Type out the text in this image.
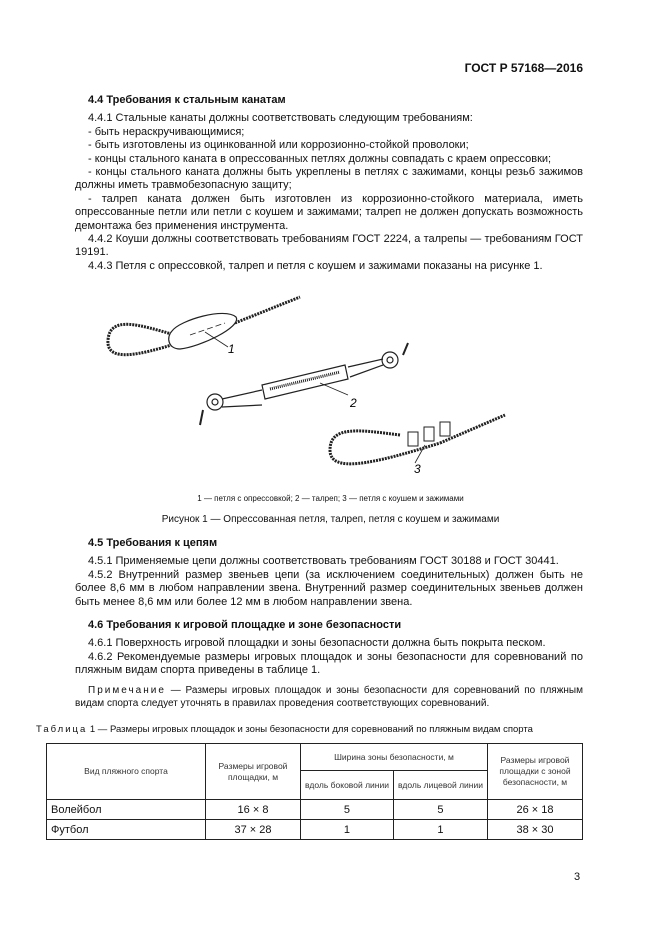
ГОСТ Р 57168—2016
4.4 Требования к стальным канатам

4.4.1 Стальные канаты должны соответствовать следующим требованиям:

- быть нераскручивающимися;

- быть изготовлены из оцинкованной или коррозионно-стойкой проволоки;

- концы стального каната в опрессованных петлях должны совпадать с краем опрессовки;

- концы стального каната должны быть укреплены в петлях с зажимами, концы резьб зажимов должны иметь травмобезопасную защиту;

- талреп каната должен быть изготовлен из коррозионно-стойкого материала, иметь опрессованные петли или петли с коушем и зажимами; талреп не должен допускать возможность демонтажа без применения инструмента.

4.4.2 Коуши должны соответствовать требованиям ГОСТ 2224, а талрепы — требованиям ГОСТ 19191.

4.4.3 Петля с опрессовкой, талреп и петля с коушем и зажимами показаны на рисунке 1.

1
2
3
1 — петля с опрессовкой; 2 — талреп; 3 — петля с коушем и зажимами
Рисунок 1 — Опрессованная петля, талреп, петля с коушем и зажимами
4.5 Требования к цепям

4.5.1 Применяемые цепи должны соответствовать требованиям ГОСТ 30188 и ГОСТ 30441.

4.5.2 Внутренний размер звеньев цепи (за исключением соединительных) должен быть не более 8,6 мм в любом направлении звена. Внутренний размер соединительных звеньев должен быть менее 8,6 мм или более 12 мм в любом направлении звена.

4.6 Требования к игровой площадке и зоне безопасности

4.6.1 Поверхность игровой площадки и зоны безопасности должна быть покрыта песком.

4.6.2 Рекомендуемые размеры игровых площадок и зоны безопасности для соревнований по пляжным видам спорта приведены в таблице 1.

Примечание — Размеры игровых площадок и зоны безопасности для соревнований по пляжным видам спорта следует уточнять в правилах проведения соответствующих соревнований.

Таблица 1 — Размеры игровых площадок и зоны безопасности для соревнований по пляжным видам спорта
Вид пляжного спорта	Размеры игровой площадки, м	Ширина зоны безопасности, м		Размеры игровой площадки с зоной безопасности, м
		вдоль боковой линии	вдоль лицевой линии	
Волейбол	16 × 8	5	5	26 × 18
Футбол	37 × 28	1	1	38 × 30
3
